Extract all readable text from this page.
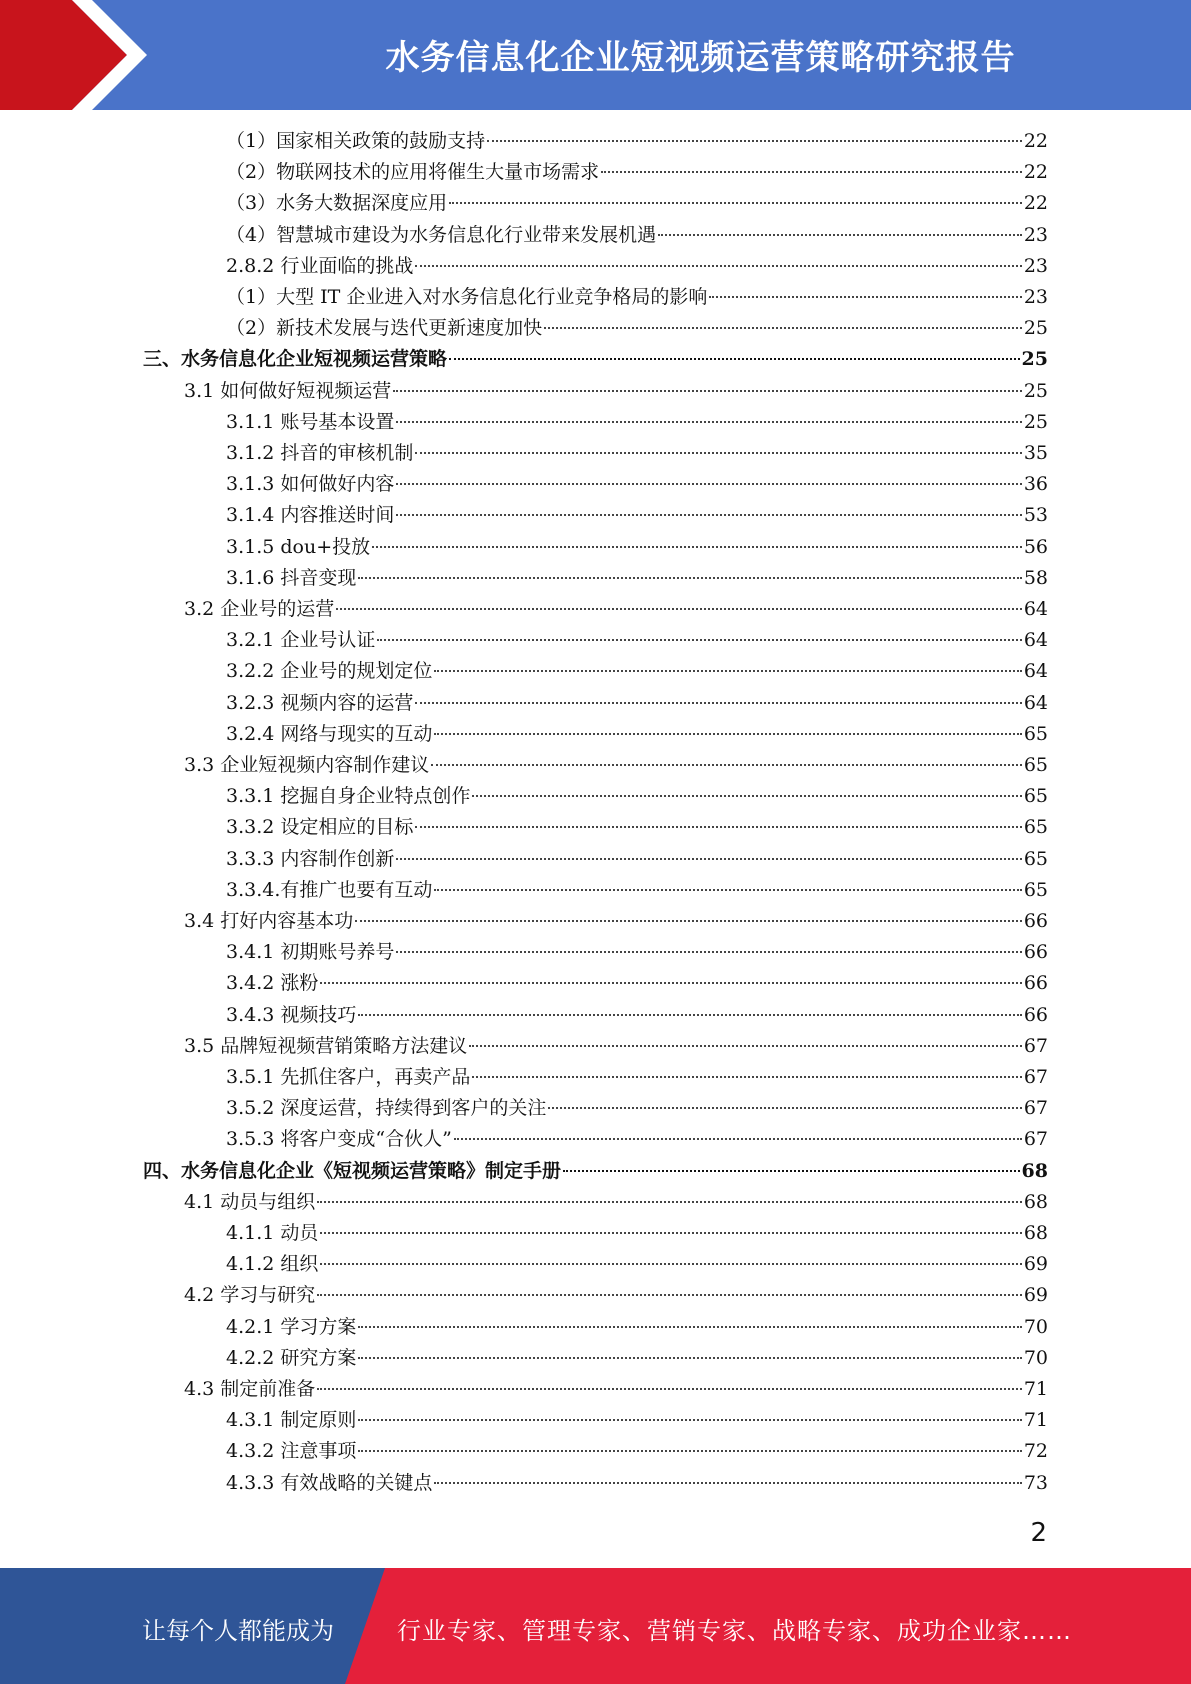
水务信息化企业短视频运营策略研究报告
（1）国家相关政策的鼓励支持	22
（2）物联网技术的应用将催生大量市场需求	22
（3）水务大数据深度应用	22
（4）智慧城市建设为水务信息化行业带来发展机遇	23
2.8.2 行业面临的挑战	23
（1）大型 IT 企业进入对水务信息化行业竞争格局的影响	23
（2）新技术发展与迭代更新速度加快	25
三、水务信息化企业短视频运营策略	25
3.1 如何做好短视频运营	25
3.1.1 账号基本设置	25
3.1.2 抖音的审核机制	35
3.1.3 如何做好内容	36
3.1.4 内容推送时间	53
3.1.5 dou+投放	56
3.1.6 抖音变现	58
3.2 企业号的运营	64
3.2.1 企业号认证	64
3.2.2 企业号的规划定位	64
3.2.3 视频内容的运营	64
3.2.4 网络与现实的互动	65
3.3 企业短视频内容制作建议	65
3.3.1 挖掘自身企业特点创作	65
3.3.2 设定相应的目标	65
3.3.3 内容制作创新	65
3.3.4.有推广也要有互动	65
3.4 打好内容基本功	66
3.4.1 初期账号养号	66
3.4.2 涨粉	66
3.4.3 视频技巧	66
3.5 品牌短视频营销策略方法建议	67
3.5.1 先抓住客户，再卖产品	67
3.5.2 深度运营，持续得到客户的关注	67
3.5.3 将客户变成“合伙人”	67
四、水务信息化企业《短视频运营策略》制定手册	68
4.1 动员与组织	68
4.1.1 动员	68
4.1.2 组织	69
4.2 学习与研究	69
4.2.1 学习方案	70
4.2.2 研究方案	70
4.3 制定前准备	71
4.3.1 制定原则	71
4.3.2 注意事项	72
4.3.3 有效战略的关键点	73
2
让每个人都能成为	行业专家、管理专家、营销专家、战略专家、成功企业家……
